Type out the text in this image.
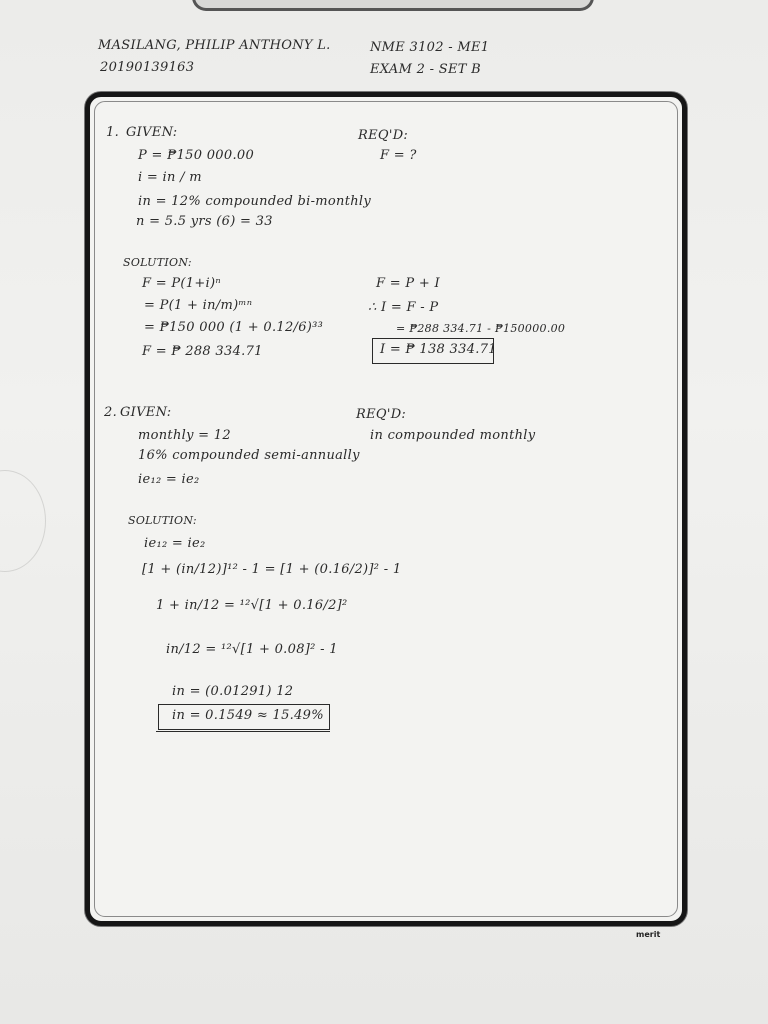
MASILANG, PHILIP ANTHONY L.
20190139163
NME 3102 - ME1
EXAM 2 - SET B
1. GIVEN:
P = ₱150 000.00
i = in / m
in = 12% compounded bi-monthly
n = 5.5 yrs (6) = 33
REQ'D:
F = ?
SOLUTION:
F = P(1+i)ⁿ
= P(1 + in/m)ᵐⁿ
= ₱150 000 (1 + 0.12/6)³³
F = ₱ 288 334.71
F = P + I
∴ I = F - P
= ₱288 334.71 - ₱150000.00
I = ₱ 138 334.71
2. GIVEN:
monthly = 12
16% compounded semi-annually
ie₁₂ = ie₂
REQ'D:
in compounded monthly
SOLUTION:
ie₁₂ = ie₂
[1 + (in/12)]¹² - 1 = [1 + (0.16/2)]² - 1
1 + in/12 = ¹²√[1 + 0.16/2]²
in/12 = ¹²√[1 + 0.08]² - 1
in = (0.01291) 12
in = 0.1549 ≈ 15.49%
merit
